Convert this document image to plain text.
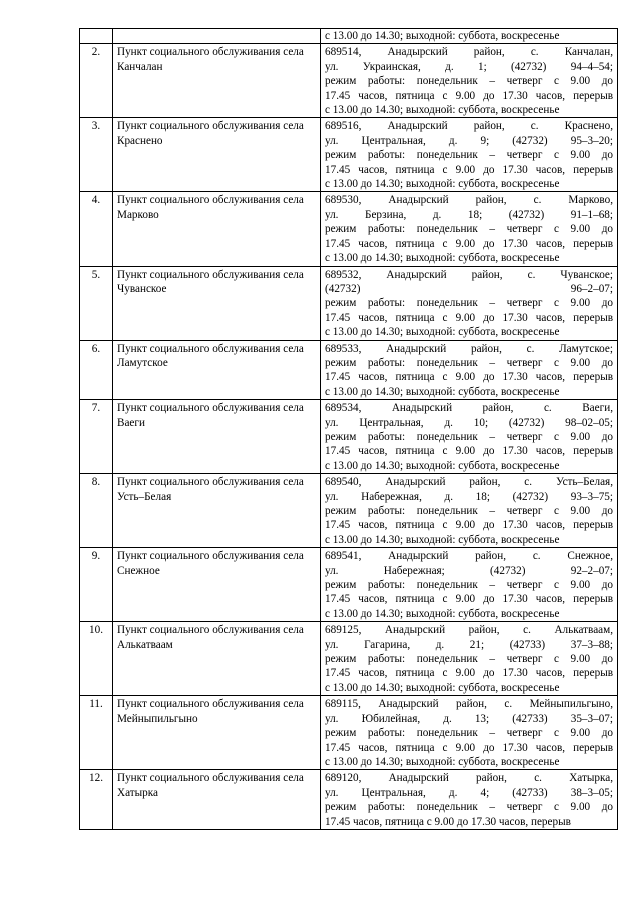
		с 13.00 до 14.30; выходной: суббота, воскресенье

2.	Пункт социального обслуживания села Канчалан	689514, Анадырский район, с. Канчалан,
ул. Украинская, д. 1; (42732) 94–4–54;
режим работы: понедельник – четверг с 9.00 до
17.45 часов, пятница с 9.00 до 17.30 часов, перерыв
с 13.00 до 14.30; выходной: суббота, воскресенье

3.	Пункт социального обслуживания села Краснено	689516, Анадырский район, с. Краснено,
ул. Центральная, д. 9; (42732) 95–3–20;
режим работы: понедельник – четверг с 9.00 до
17.45 часов, пятница с 9.00 до 17.30 часов, перерыв
с 13.00 до 14.30; выходной: суббота, воскресенье

4.	Пункт социального обслуживания села Марково	689530, Анадырский район, с. Марково,
ул. Берзина, д. 18; (42732) 91–1–68;
режим работы: понедельник – четверг с 9.00 до
17.45 часов, пятница с 9.00 до 17.30 часов, перерыв
с 13.00 до 14.30; выходной: суббота, воскресенье

5.	Пункт социального обслуживания села Чуванское	689532, Анадырский район, с. Чуванское;
(42732) 96–2–07;
режим работы: понедельник – четверг с 9.00 до
17.45 часов, пятница с 9.00 до 17.30 часов, перерыв
с 13.00 до 14.30; выходной: суббота, воскресенье

6.	Пункт социального обслуживания села Ламутское	689533, Анадырский район, с. Ламутское;
режим работы: понедельник – четверг с 9.00 до
17.45 часов, пятница с 9.00 до 17.30 часов, перерыв
с 13.00 до 14.30; выходной: суббота, воскресенье

7.	Пункт социального обслуживания села Ваеги	689534, Анадырский район, с. Ваеги,
ул. Центральная, д. 10; (42732) 98–02–05;
режим работы: понедельник – четверг с 9.00 до
17.45 часов, пятница с 9.00 до 17.30 часов, перерыв
с 13.00 до 14.30; выходной: суббота, воскресенье

8.	Пункт социального обслуживания села Усть–Белая	689540, Анадырский район, с. Усть–Белая,
ул. Набережная, д. 18; (42732) 93–3–75;
режим работы: понедельник – четверг с 9.00 до
17.45 часов, пятница с 9.00 до 17.30 часов, перерыв
с 13.00 до 14.30; выходной: суббота, воскресенье

9.	Пункт социального обслуживания села Снежное	689541, Анадырский район, с. Снежное,
ул. Набережная; (42732) 92–2–07;
режим работы: понедельник – четверг с 9.00 до
17.45 часов, пятница с 9.00 до 17.30 часов, перерыв
с 13.00 до 14.30; выходной: суббота, воскресенье

10.	Пункт социального обслуживания села Алькатваам	689125, Анадырский район, с. Алькатваам,
ул. Гагарина, д. 21; (42733) 37–3–88;
режим работы: понедельник – четверг с 9.00 до
17.45 часов, пятница с 9.00 до 17.30 часов, перерыв
с 13.00 до 14.30; выходной: суббота, воскресенье

11.	Пункт социального обслуживания села Мейныпильгыно	689115, Анадырский район, с. Мейныпильгыно,
ул. Юбилейная, д. 13; (42733) 35–3–07;
режим работы: понедельник – четверг с 9.00 до
17.45 часов, пятница с 9.00 до 17.30 часов, перерыв
с 13.00 до 14.30; выходной: суббота, воскресенье

12.	Пункт социального обслуживания села Хатырка	689120, Анадырский район, с. Хатырка,
ул. Центральная, д. 4; (42733) 38–3–05;
режим работы: понедельник – четверг с 9.00 до
17.45 часов, пятница с 9.00 до 17.30 часов, перерыв
